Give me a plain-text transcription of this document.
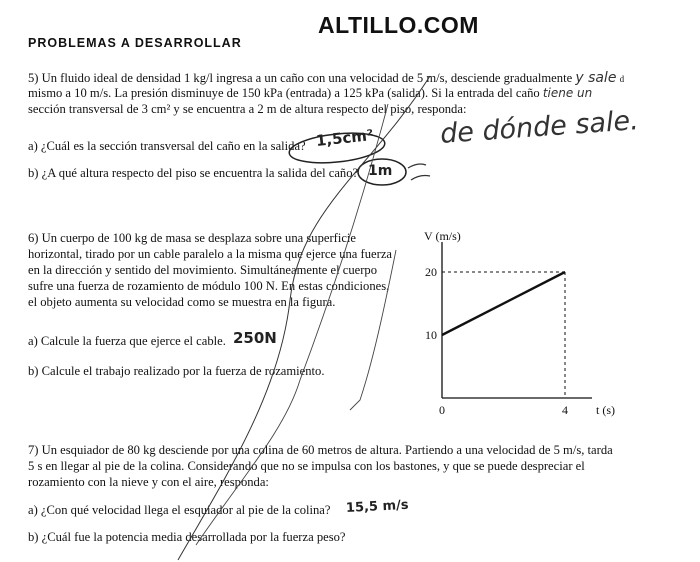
PROBLEMAS A DESARROLLAR
ALTILLO.COM
5) Un fluido ideal de densidad 1 kg/l ingresa a un caño con una velocidad de 5 m/s, desciende gradualmente y sale d
mismo a 10 m/s. La presión disminuye de 150 kPa (entrada) a 125 kPa (salida). Si la entrada del caño tiene un
sección transversal de 3 cm² y se encuentra a 2 m de altura respecto del piso, responda:
a) ¿Cuál es la sección transversal del caño en la salida? 1,5cm²
b) ¿A qué altura respecto del piso se encuentra la salida del caño? 1m
de dónde sale.
6) Un cuerpo de 100 kg de masa se desplaza sobre una superficie
horizontal, tirado por un cable paralelo a la misma que ejerce una fuerza
en la dirección y sentido del movimiento. Simultáneamente el cuerpo
sufre una fuerza de rozamiento de módulo 100 N. En estas condiciones,
el objeto aumenta su velocidad como se muestra en la figura.
a) Calcule la fuerza que ejerce el cable. 250N
b) Calcule el trabajo realizado por la fuerza de rozamiento.
V (m/s)
t (s)
10
20
0	4
7) Un esquiador de 80 kg desciende por una colina de 60 metros de altura. Partiendo a una velocidad de 5 m/s, tarda
5 s en llegar al pie de la colina. Considerando que no se impulsa con los bastones, y que se puede despreciar el
rozamiento con la nieve y con el aire, responda:
a) ¿Con qué velocidad llega el esquiador al pie de la colina? 15,5 m/s
b) ¿Cuál fue la potencia media desarrollada por la fuerza peso?
